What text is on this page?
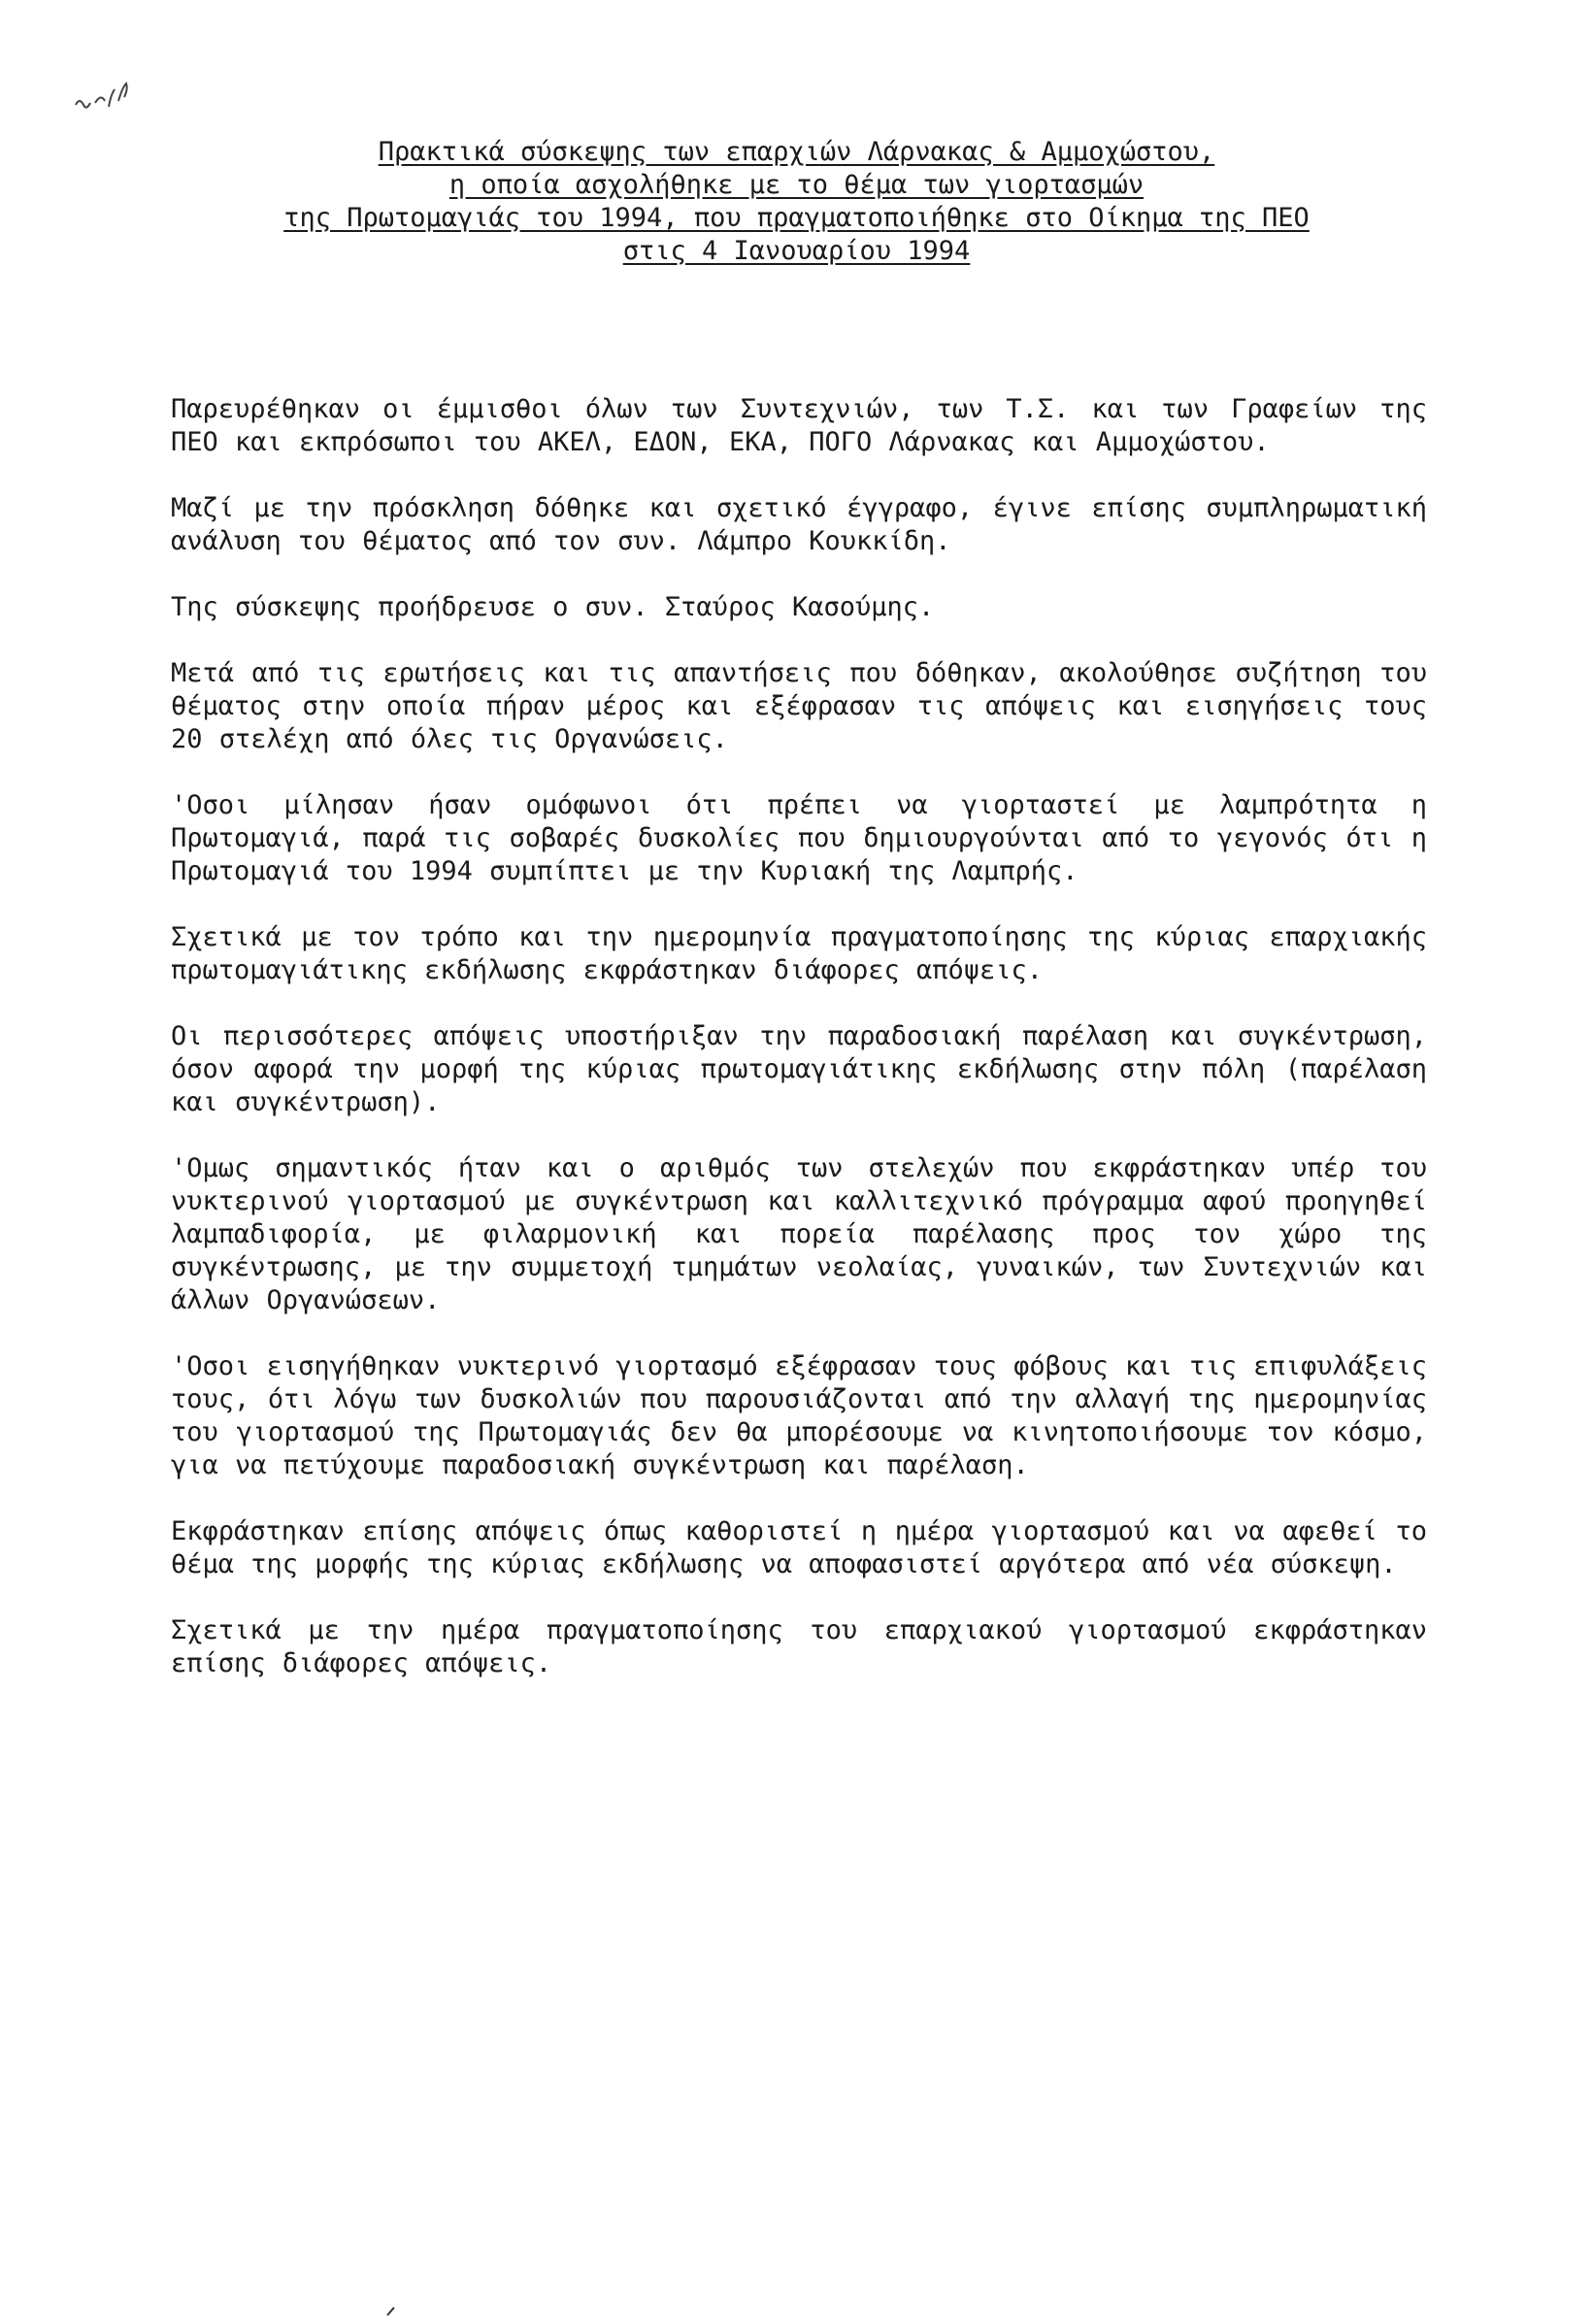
Πρακτικά σύσκεψης των επαρχιών Λάρνακας & Αμμοχώστου,

η οποία ασχολήθηκε με το θέμα των γιορτασμών

της Πρωτομαγιάς του 1994, που πραγματοποιήθηκε στο Οίκημα της ΠΕΟ

στις 4 Ιανουαρίου 1994

Παρευρέθηκαν οι έμμισθοι όλων των Συντεχνιών, των Τ.Σ. και των Γραφείων της ΠΕΟ και εκπρόσωποι του ΑΚΕΛ, ΕΔΟΝ, ΕΚΑ, ΠΟΓΟ Λάρνακας και Αμμοχώστου.

Μαζί με την πρόσκληση δόθηκε και σχετικό έγγραφο, έγινε επίσης συμπληρωματική ανάλυση του θέματος από τον συν. Λάμπρο Κουκκίδη.

Της σύσκεψης προήδρευσε ο συν. Σταύρος Κασούμης.

Μετά από τις ερωτήσεις και τις απαντήσεις που δόθηκαν, ακολούθησε συζήτηση του θέματος στην οποία πήραν μέρος και εξέφρασαν τις απόψεις και εισηγήσεις τους 20 στελέχη από όλες τις Οργανώσεις.

'Οσοι μίλησαν ήσαν ομόφωνοι ότι πρέπει να γιορταστεί με λαμπρότητα η Πρωτομαγιά, παρά τις σοβαρές δυσκολίες που δημιουργούνται από το γεγονός ότι η Πρωτομαγιά του 1994 συμπίπτει με την Κυριακή της Λαμπρής.

Σχετικά με τον τρόπο και την ημερομηνία πραγματοποίησης της κύριας επαρχιακής πρωτομαγιάτικης εκδήλωσης εκφράστηκαν διάφορες απόψεις.

Οι περισσότερες απόψεις υποστήριξαν την παραδοσιακή παρέλαση και συγκέντρωση, όσον αφορά την μορφή της κύριας πρωτομαγιάτικης εκδήλωσης στην πόλη (παρέλαση και συγκέντρωση).

'Ομως σημαντικός ήταν και ο αριθμός των στελεχών που εκφράστηκαν υπέρ του νυκτερινού γιορτασμού με συγκέντρωση και καλλιτεχνικό πρόγραμμα αφού προηγηθεί λαμπαδιφορία, με φιλαρμονική και πορεία παρέλασης προς τον χώρο της συγκέντρωσης, με την συμμετοχή τμημάτων νεολαίας, γυναικών, των Συντεχνιών και άλλων Οργανώσεων.

'Οσοι εισηγήθηκαν νυκτερινό γιορτασμό εξέφρασαν τους φόβους και τις επιφυλάξεις τους, ότι λόγω των δυσκολιών που παρουσιάζονται από την αλλαγή της ημερομηνίας του γιορτασμού της Πρωτομαγιάς δεν θα μπορέσουμε να κινητοποιήσουμε τον κόσμο, για να πετύχουμε παραδοσιακή συγκέντρωση και παρέλαση.

Εκφράστηκαν επίσης απόψεις όπως καθοριστεί η ημέρα γιορτασμού και να αφεθεί το θέμα της μορφής της κύριας εκδήλωσης να αποφασιστεί αργότερα από νέα σύσκεψη.

Σχετικά με την ημέρα πραγματοποίησης του επαρχιακού γιορτασμού εκφράστηκαν επίσης διάφορες απόψεις.
